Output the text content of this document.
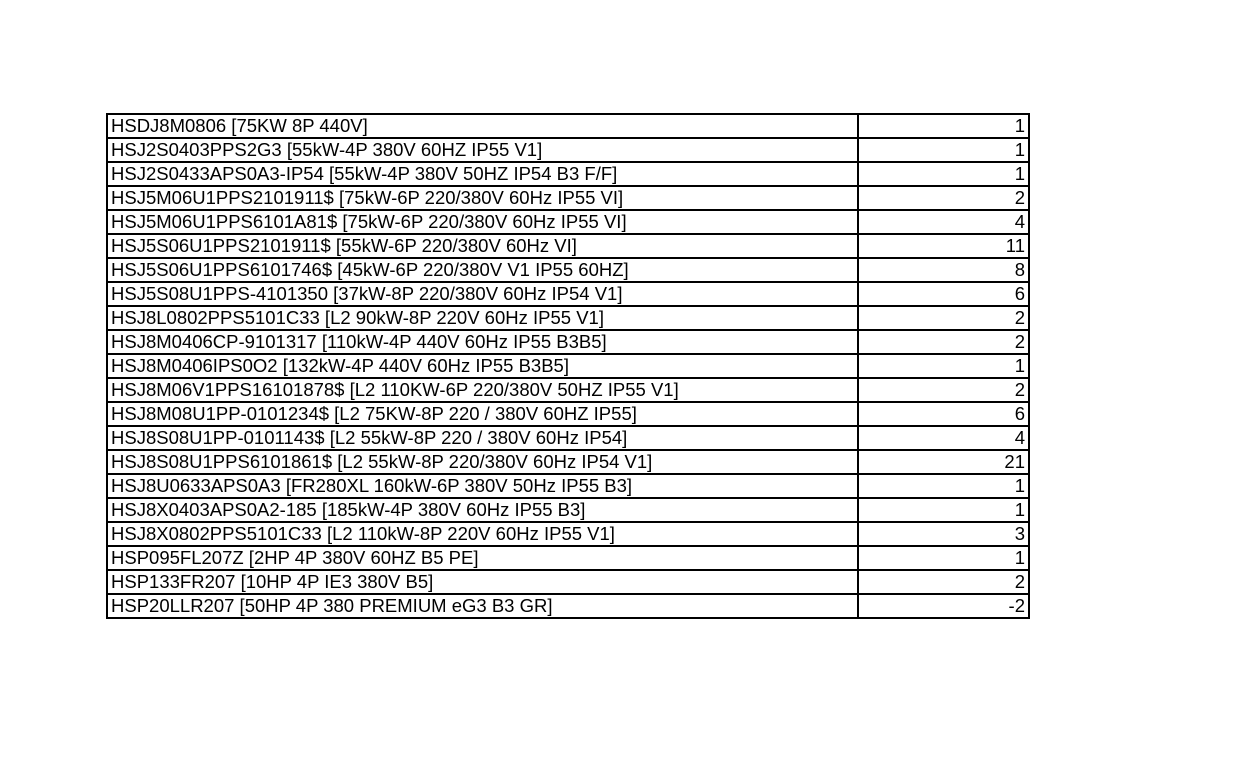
HSDJ8M0806 [75KW 8P 440V]	1
HSJ2S0403PPS2G3 [55kW-4P 380V 60HZ IP55 V1]	1
HSJ2S0433APS0A3-IP54 [55kW-4P 380V 50HZ IP54 B3 F/F]	1
HSJ5M06U1PPS2101911$ [75kW-6P 220/380V 60Hz IP55 VI]	2
HSJ5M06U1PPS6101A81$ [75kW-6P 220/380V 60Hz IP55 VI]	4
HSJ5S06U1PPS2101911$ [55kW-6P 220/380V 60Hz VI]	11
HSJ5S06U1PPS6101746$ [45kW-6P 220/380V V1 IP55 60HZ]	8
HSJ5S08U1PPS-4101350 [37kW-8P 220/380V 60Hz IP54 V1]	6
HSJ8L0802PPS5101C33 [L2 90kW-8P 220V 60Hz IP55 V1]	2
HSJ8M0406CP-9101317 [110kW-4P 440V 60Hz IP55 B3B5]	2
HSJ8M0406IPS0O2 [132kW-4P 440V 60Hz IP55 B3B5]	1
HSJ8M06V1PPS16101878$ [L2 110KW-6P 220/380V 50HZ IP55 V1]	2
HSJ8M08U1PP-0101234$ [L2 75KW-8P 220 / 380V 60HZ IP55]	6
HSJ8S08U1PP-0101143$ [L2 55kW-8P 220 / 380V 60Hz IP54]	4
HSJ8S08U1PPS6101861$ [L2 55kW-8P 220/380V 60Hz IP54 V1]	21
HSJ8U0633APS0A3 [FR280XL 160kW-6P 380V 50Hz IP55 B3]	1
HSJ8X0403APS0A2-185 [185kW-4P 380V 60Hz IP55 B3]	1
HSJ8X0802PPS5101C33 [L2 110kW-8P 220V 60Hz IP55 V1]	3
HSP095FL207Z [2HP 4P 380V 60HZ B5 PE]	1
HSP133FR207 [10HP 4P IE3 380V B5]	2
HSP20LLR207 [50HP 4P 380 PREMIUM eG3 B3 GR]	-2
